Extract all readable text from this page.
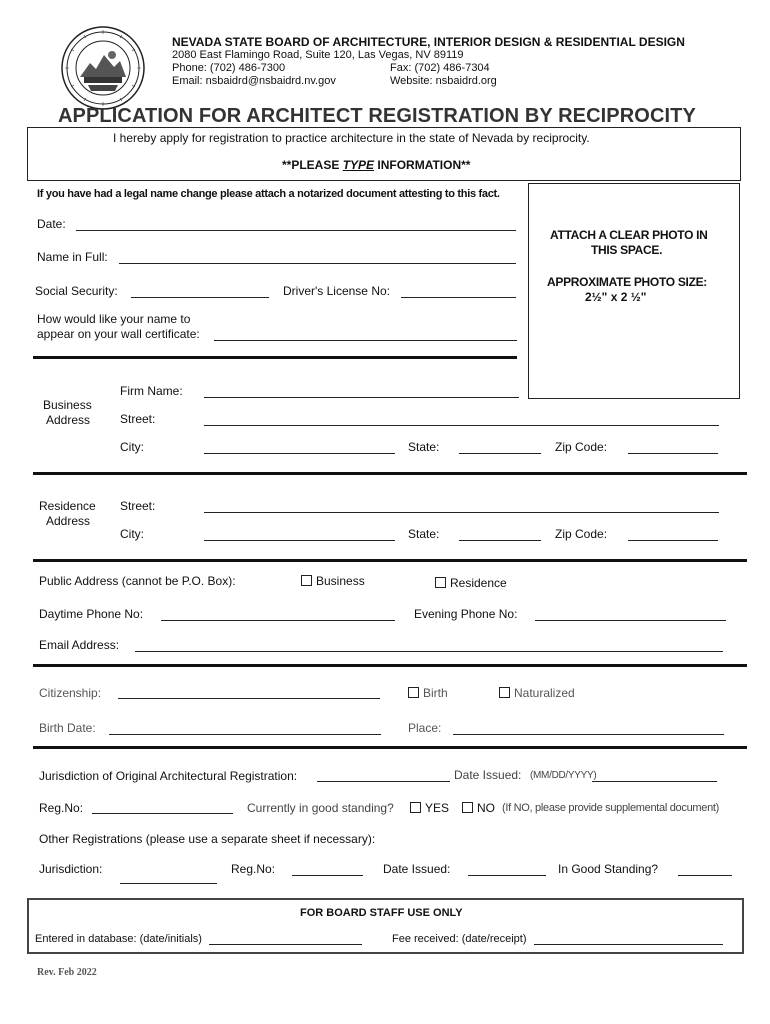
NEVADA STATE BOARD OF ARCHITECTURE, INTERIOR DESIGN & RESIDENTIAL DESIGN
2080 East Flamingo Road, Suite 120, Las Vegas, NV 89119
Phone: (702) 486-7300	Fax: (702) 486-7304
Email: nsbaidrd@nsbaidrd.nv.gov	Website: nsbaidrd.org
APPLICATION FOR ARCHITECT REGISTRATION BY RECIPROCITY
I hereby apply for registration to practice architecture in the state of Nevada by reciprocity.
**PLEASE TYPE INFORMATION**
If you have had a legal name change please attach a notarized document attesting to this fact.
ATTACH A CLEAR PHOTO IN
THIS SPACE.
APPROXIMATE PHOTO SIZE:
2½" x 2 ½"
Date:
Name in Full:
Social Security:	Driver's License No:
How would like your name to
appear on your wall certificate:
Business
Address
Firm Name:
Street:
City:	State:	Zip Code:
Residence
Address
Street:
City:	State:	Zip Code:
Public Address (cannot be P.O. Box):	Business	Residence
Daytime Phone No:	Evening Phone No:
Email Address:
Citizenship:	Birth	Naturalized
Birth Date:	Place:
Jurisdiction of Original Architectural Registration:	Date Issued: (MM/DD/YYYY)
Reg.No:	Currently in good standing?	YES	NO (If NO, please provide supplemental document)
Other Registrations (please use a separate sheet if necessary):
Jurisdiction:	Reg.No:	Date Issued:	In Good Standing?
FOR BOARD STAFF USE ONLY
Entered in database: (date/initials)	Fee received: (date/receipt)
Rev. Feb 2022
